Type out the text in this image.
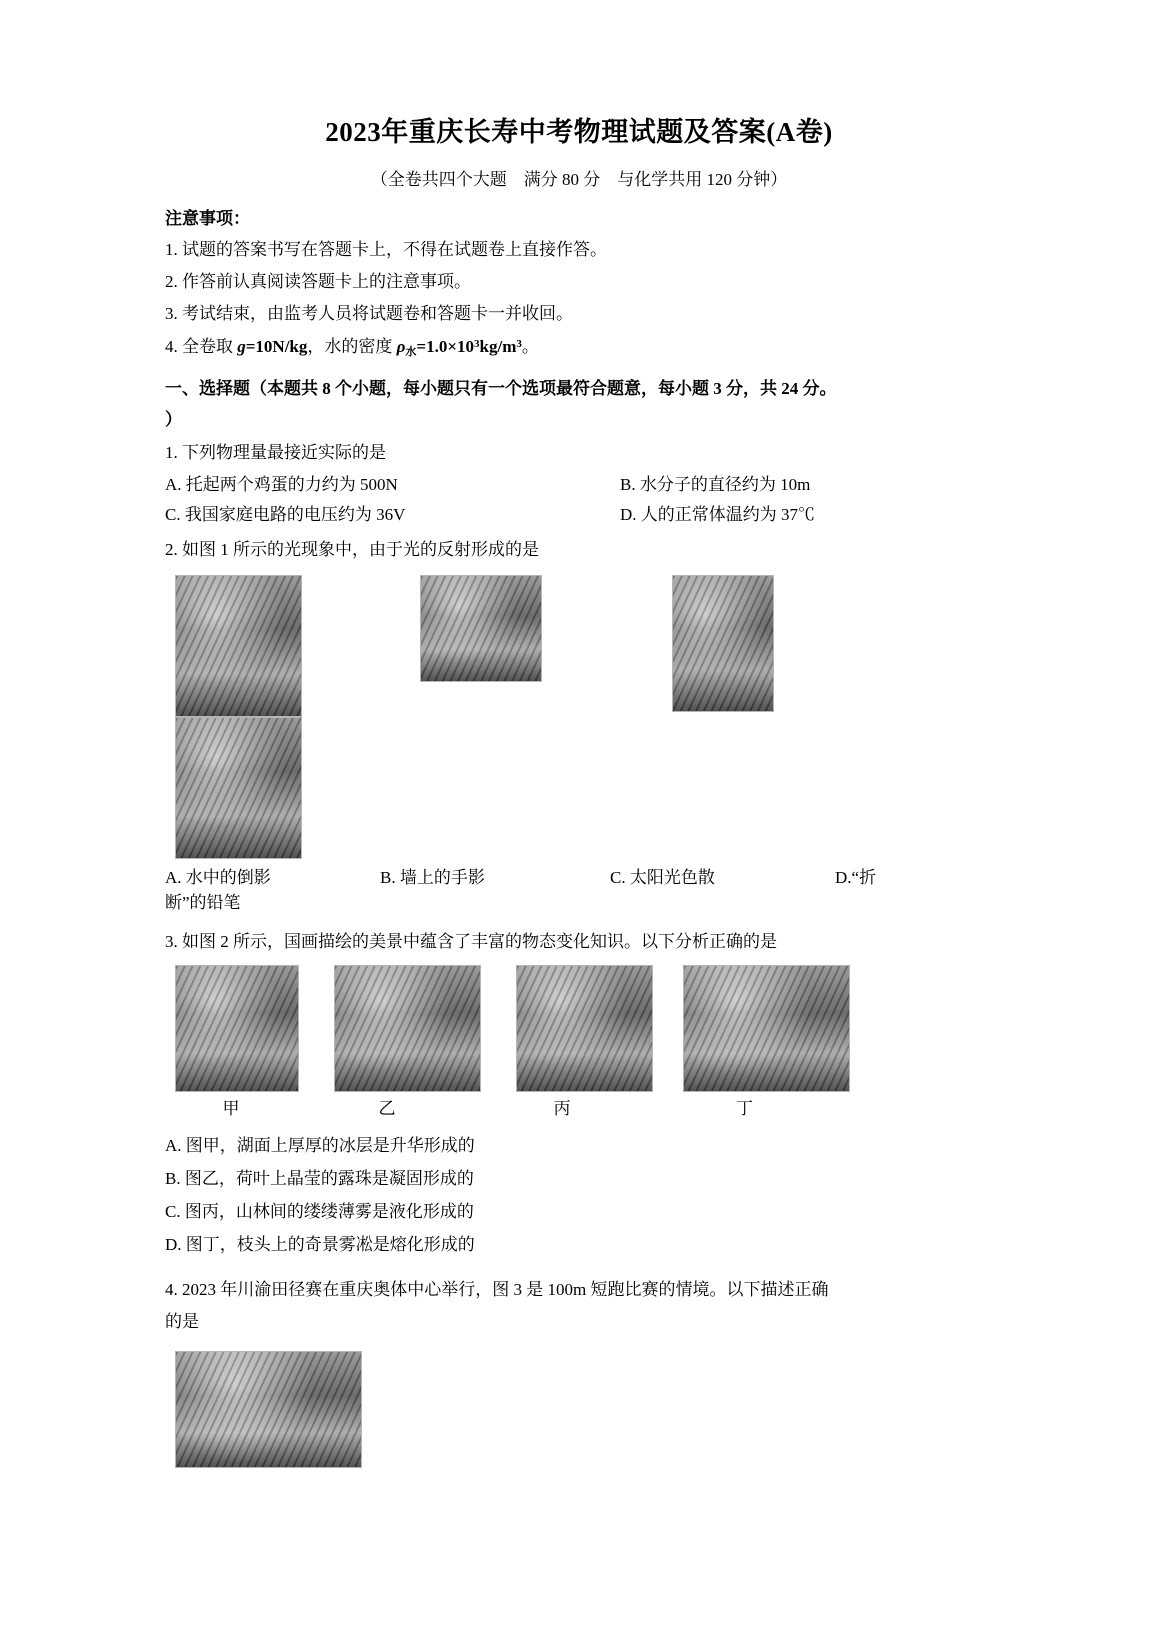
2023年重庆长寿中考物理试题及答案(A卷)
（全卷共四个大题　满分 80 分　与化学共用 120 分钟）
注意事项：
1. 试题的答案书写在答题卡上，不得在试题卷上直接作答。
2. 作答前认真阅读答题卡上的注意事项。
3. 考试结束，由监考人员将试题卷和答题卡一并收回。
4. 全卷取 g=10N/kg，水的密度 $\rho_水=1.0\times 10^3kg/m^3$。
一、选择题（本题共 8 个小题，每小题只有一个选项最符合题意，每小题 3 分，共 24 分。
）
1. 下列物理量最接近实际的是
A. 托起两个鸡蛋的力约为 500N	B. 水分子的直径约为 10m
C. 我国家庭电路的电压约为 36V	D. 人的正常体温约为 37℃
2. 如图 1 所示的光现象中，由于光的反射形成的是
A. 水中的倒影	B. 墙上的手影	C. 太阳光色散	D.“折
断”的铅笔
3. 如图 2 所示，国画描绘的美景中蕴含了丰富的物态变化知识。以下分析正确的是
甲	乙	丙	丁
A. 图甲，湖面上厚厚的冰层是升华形成的
B. 图乙，荷叶上晶莹的露珠是凝固形成的
C. 图丙，山林间的缕缕薄雾是液化形成的
D. 图丁，枝头上的奇景雾凇是熔化形成的
4. 2023 年川渝田径赛在重庆奥体中心举行，图 3 是 100m 短跑比赛的情境。以下描述正确
的是
